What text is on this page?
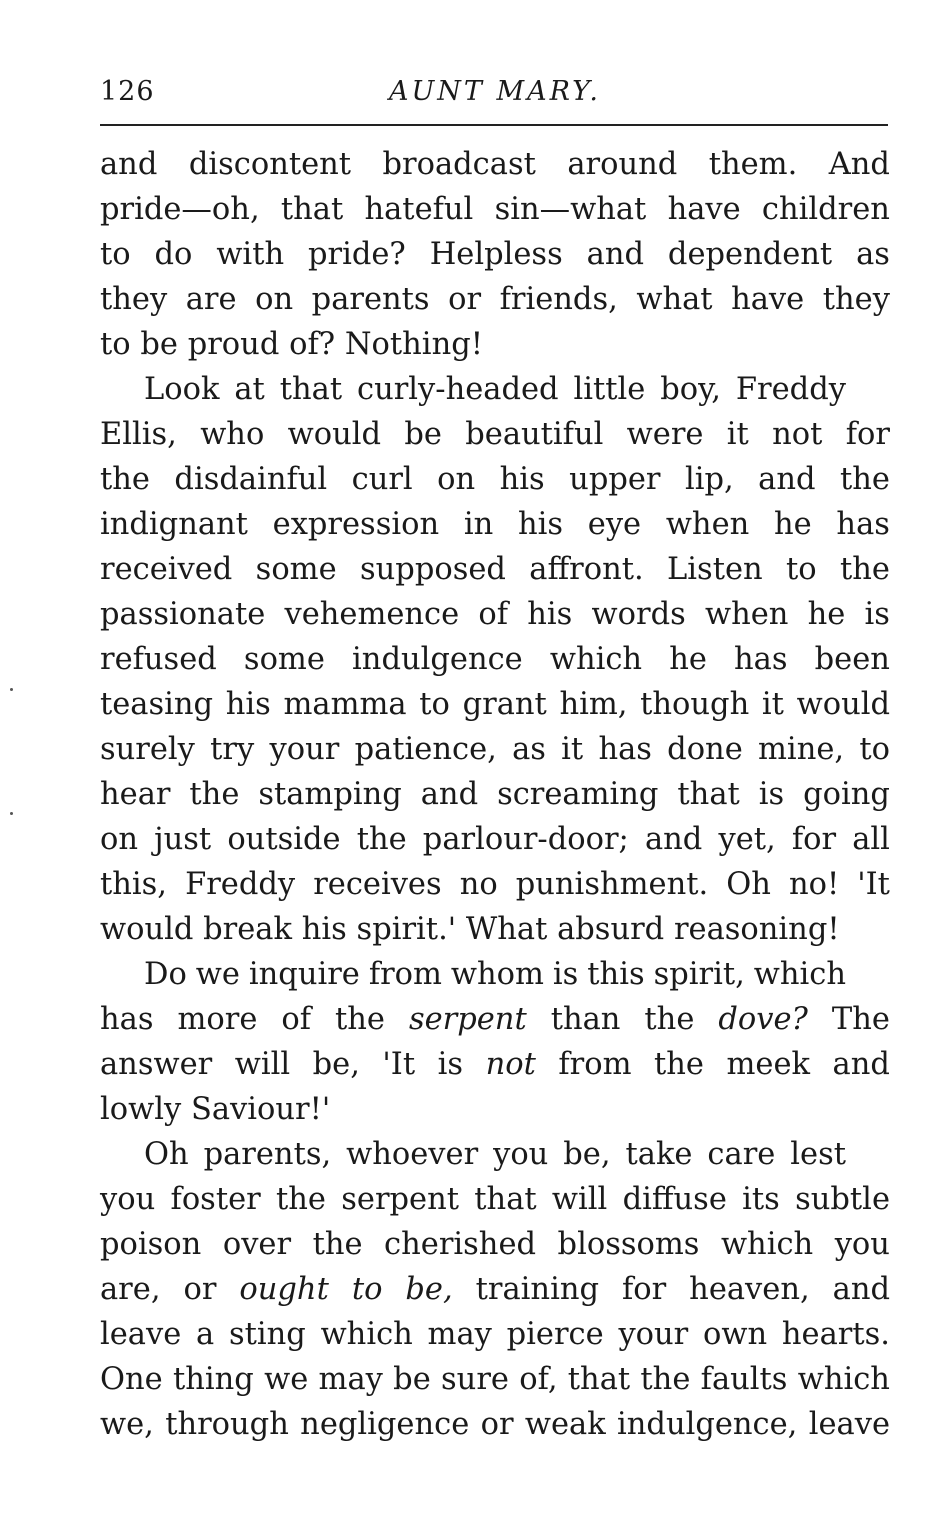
126	AUNT MARY.
and discontent broadcast around them. And
pride—oh, that hateful sin—what have children
to do with pride? Helpless and dependent as
they are on parents or friends, what have they
to be proud of? Nothing!
Look at that curly-headed little boy, Freddy
Ellis, who would be beautiful were it not for
the disdainful curl on his upper lip, and the
indignant expression in his eye when he has
received some supposed affront. Listen to the
passionate vehemence of his words when he is
refused some indulgence which he has been
teasing his mamma to grant him, though it would
surely try your patience, as it has done mine, to
hear the stamping and screaming that is going
on just outside the parlour-door; and yet, for all
this, Freddy receives no punishment. Oh no! 'It
would break his spirit.' What absurd reasoning!
Do we inquire from whom is this spirit, which
has more of the serpent than the dove? The
answer will be, 'It is not from the meek and
lowly Saviour!'
Oh parents, whoever you be, take care lest
you foster the serpent that will diffuse its subtle
poison over the cherished blossoms which you
are, or ought to be, training for heaven, and
leave a sting which may pierce your own hearts.
One thing we may be sure of, that the faults which
we, through negligence or weak indulgence, leave
